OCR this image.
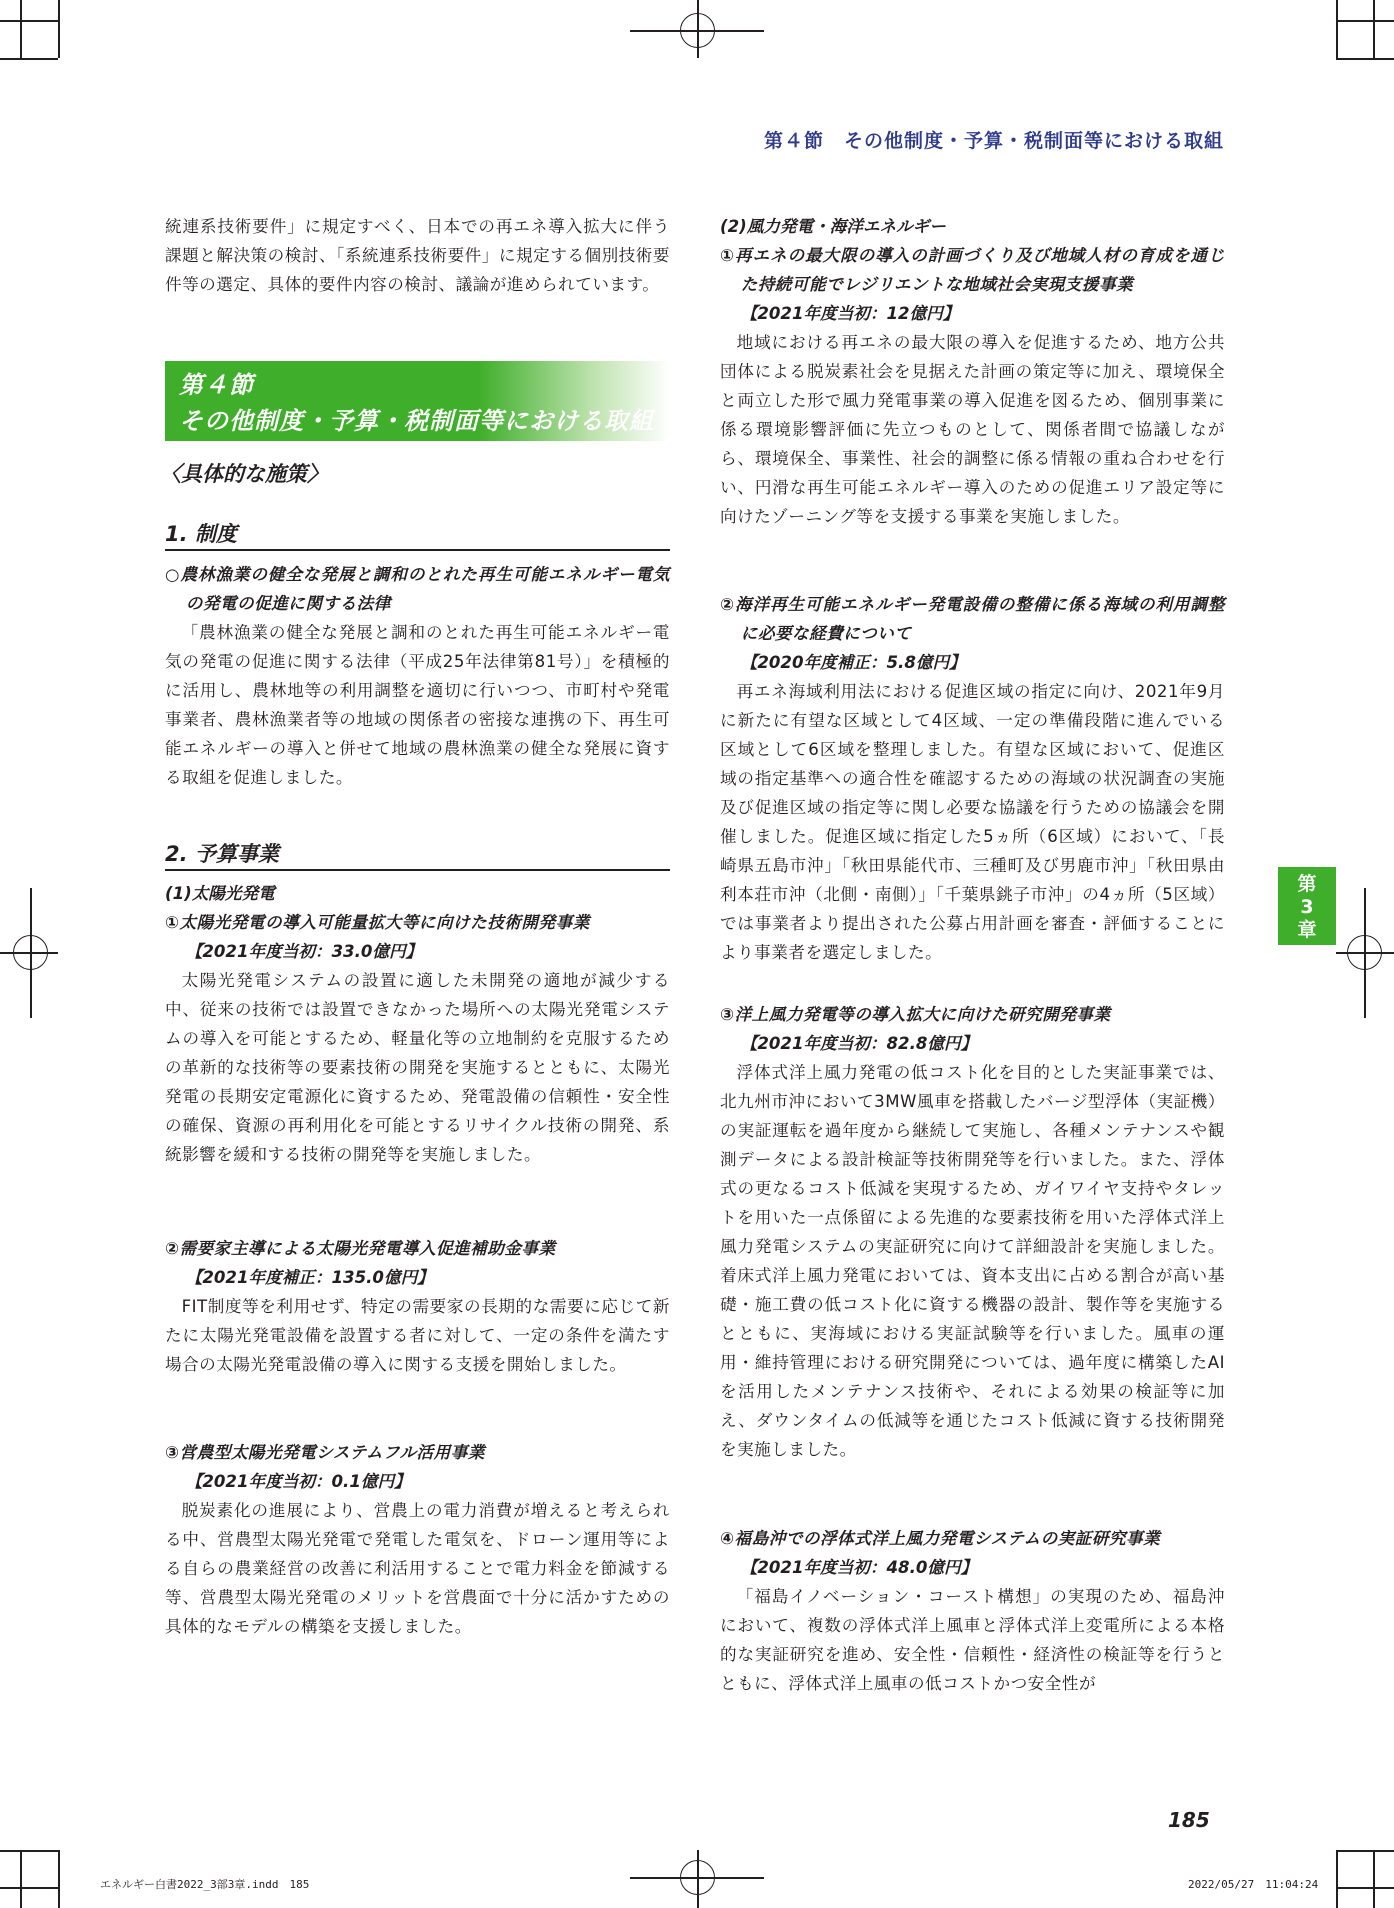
第４節　その他制度・予算・税制面等における取組

統連系技術要件」に規定すべく、日本での再エネ導入拡大に伴う課題と解決策の検討、「系統連系技術要件」に規定する個別技術要件等の選定、具体的要件内容の検討、議論が進められています。

第４節
その他制度・予算・税制面等における取組
〈具体的な施策〉
1. 制度

○農林漁業の健全な発展と調和のとれた再生可能エネルギー電気の発電の促進に関する法律

「農林漁業の健全な発展と調和のとれた再生可能エネルギー電気の発電の促進に関する法律（平成25年法律第81号）」を積極的に活用し、農林地等の利用調整を適切に行いつつ、市町村や発電事業者、農林漁業者等の地域の関係者の密接な連携の下、再生可能エネルギーの導入と併せて地域の農林漁業の健全な発展に資する取組を促進しました。

2. 予算事業

(1)太陽光発電

①太陽光発電の導入可能量拡大等に向けた技術開発事業

【2021年度当初：33.0億円】

太陽光発電システムの設置に適した未開発の適地が減少する中、従来の技術では設置できなかった場所への太陽光発電システムの導入を可能とするため、軽量化等の立地制約を克服するための革新的な技術等の要素技術の開発を実施するとともに、太陽光発電の長期安定電源化に資するため、発電設備の信頼性・安全性の確保、資源の再利用化を可能とするリサイクル技術の開発、系統影響を緩和する技術の開発等を実施しました。

②需要家主導による太陽光発電導入促進補助金事業

【2021年度補正：135.0億円】

FIT制度等を利用せず、特定の需要家の長期的な需要に応じて新たに太陽光発電設備を設置する者に対して、一定の条件を満たす場合の太陽光発電設備の導入に関する支援を開始しました。

③営農型太陽光発電システムフル活用事業

【2021年度当初：0.1億円】

脱炭素化の進展により、営農上の電力消費が増えると考えられる中、営農型太陽光発電で発電した電気を、ドローン運用等による自らの農業経営の改善に利活用することで電力料金を節減する等、営農型太陽光発電のメリットを営農面で十分に活かすための具体的なモデルの構築を支援しました。

(2)風力発電・海洋エネルギー

①再エネの最大限の導入の計画づくり及び地域人材の育成を通じた持続可能でレジリエントな地域社会実現支援事業

【2021年度当初：12億円】

地域における再エネの最大限の導入を促進するため、地方公共団体による脱炭素社会を見据えた計画の策定等に加え、環境保全と両立した形で風力発電事業の導入促進を図るため、個別事業に係る環境影響評価に先立つものとして、関係者間で協議しながら、環境保全、事業性、社会的調整に係る情報の重ね合わせを行い、円滑な再生可能エネルギー導入のための促進エリア設定等に向けたゾーニング等を支援する事業を実施しました。

②海洋再生可能エネルギー発電設備の整備に係る海域の利用調整に必要な経費について

【2020年度補正：5.8億円】

再エネ海域利用法における促進区域の指定に向け、2021年9月に新たに有望な区域として4区域、一定の準備段階に進んでいる区域として6区域を整理しました。有望な区域において、促進区域の指定基準への適合性を確認するための海域の状況調査の実施及び促進区域の指定等に関し必要な協議を行うための協議会を開催しました。促進区域に指定した5ヵ所（6区域）において、「長崎県五島市沖」「秋田県能代市、三種町及び男鹿市沖」「秋田県由利本荘市沖（北側・南側）」「千葉県銚子市沖」の4ヵ所（5区域）では事業者より提出された公募占用計画を審査・評価することにより事業者を選定しました。

③洋上風力発電等の導入拡大に向けた研究開発事業

【2021年度当初：82.8億円】

浮体式洋上風力発電の低コスト化を目的とした実証事業では、北九州市沖において3MW風車を搭載したバージ型浮体（実証機）の実証運転を過年度から継続して実施し、各種メンテナンスや観測データによる設計検証等技術開発等を行いました。また、浮体式の更なるコスト低減を実現するため、ガイワイヤ支持やタレットを用いた一点係留による先進的な要素技術を用いた浮体式洋上風力発電システムの実証研究に向けて詳細設計を実施しました。着床式洋上風力発電においては、資本支出に占める割合が高い基礎・施工費の低コスト化に資する機器の設計、製作等を実施するとともに、実海域における実証試験等を行いました。風車の運用・維持管理における研究開発については、過年度に構築したAIを活用したメンテナンス技術や、それによる効果の検証等に加え、ダウンタイムの低減等を通じたコスト低減に資する技術開発を実施しました。

④福島沖での浮体式洋上風力発電システムの実証研究事業

【2021年度当初：48.0億円】

「福島イノベーション・コースト構想」の実現のため、福島沖において、複数の浮体式洋上風車と浮体式洋上変電所による本格的な実証研究を進め、安全性・信頼性・経済性の検証等を行うとともに、浮体式洋上風車の低コストかつ安全性が

第
3
章
185
エネルギー白書2022_3部3章.indd　185	2022/05/27　11:04:24
